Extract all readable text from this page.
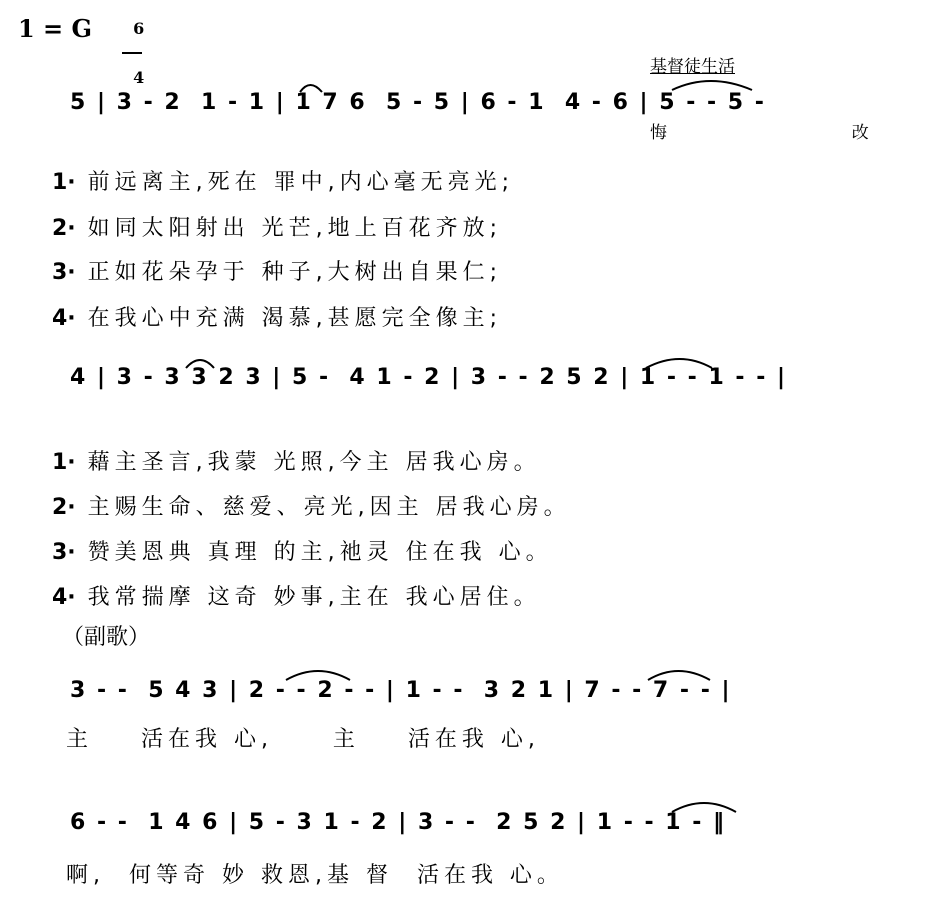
1 = G	6

4

基督徒生活

悔  改

5 | 3 - 2  1 - 1 | 1 7 6  5 - 5 | 6 - 1  4 - 6 | 5 - - 5 -

1· 前远离主,死在 罪中,内心毫无亮光;

2· 如同太阳射出 光芒,地上百花齐放;

3· 正如花朵孕于 种子,大树出自果仁;

4· 在我心中充满 渴慕,甚愿完全像主;

4 | 3 - 3 3 2 3 | 5 -  4 1 - 2 | 3 - - 2 5 2 | 1 - - 1 - - |

1· 藉主圣言,我蒙 光照,今主 居我心房。

2· 主赐生命、慈爱、亮光,因主 居我心房。

3· 赞美恩典 真理 的主,祂灵 住在我 心。

4· 我常揣摩 这奇 妙事,主在 我心居住。

（副歌）
3 - -  5 4 3 | 2 - - 2 - - | 1 - -  3 2 1 | 7 - - 7 - - |
主    活在我 心,     主    活在我 心,
6 - -  1 4 6 | 5 - 3 1 - 2 | 3 - -  2 5 2 | 1 - - 1 - ‖
啊,  何等奇 妙 救恩,基 督  活在我 心。
